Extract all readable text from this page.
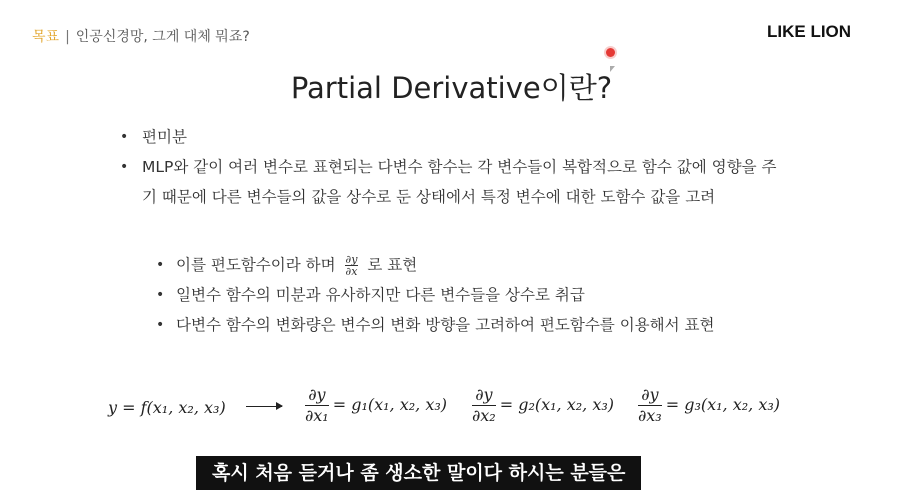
목표 | 인공신경망, 그게 대체 뭐죠?	LIKE LION
Partial Derivative이란?
• 편미분
• MLP와 같이 여러 변수로 표현되는 다변수 함수는 각 변수들이 복합적으로 함수 값에 영향을 주기 때문에 다른 변수들의 값을 상수로 둔 상태에서 특정 변수에 대한 도함수 값을 고려
• 이를 편도함수이라 하며 $\frac{\partial y}{\partial x}$ 로 표현
• 일변수 함수의 미분과 유사하지만 다른 변수들을 상수로 취급
• 다변수 함수의 변화량은 변수의 변화 방향을 고려하여 편도함수를 이용해서 표현
y = f(x₁, x₂, x₃)	$\frac{\partial y}{\text{∂x₁}} = g_1(x_1$, x₂, $x_3) \frac{\partial y}{\text{∂x₂}} = g_2(x_1$, x₂, $x_3) \frac{\partial y}{\text{∂x₃}} = g_3(x_1$, x₂, x₃)
혹시 처음 듣거나 좀 생소한 말이다 하시는 분들은
